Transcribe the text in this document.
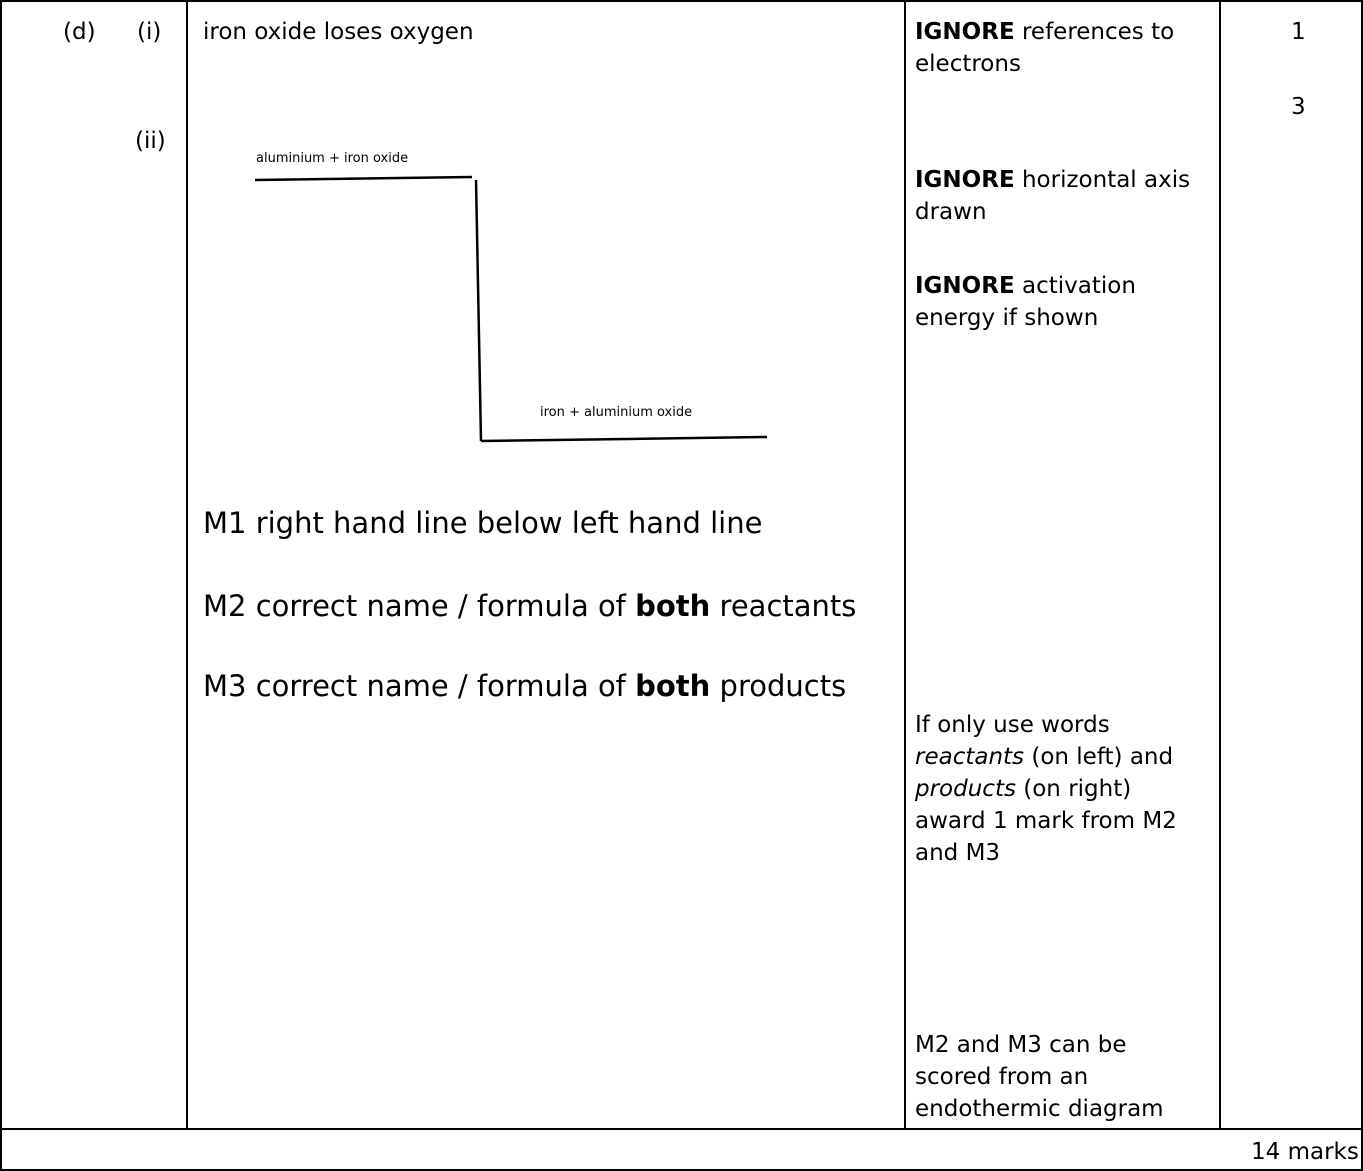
(d) (i)
(ii)
iron oxide loses oxygen
aluminium + iron oxide
iron + aluminium oxide
M1 right hand line below left hand line
M2 correct name / formula of both reactants
M3 correct name / formula of both products
IGNORE references to electrons
IGNORE horizontal axis drawn
IGNORE activation energy if shown
If only use words reactants (on left) and products (on right) award 1 mark from M2 and M3
M2 and M3 can be scored from an endothermic diagram
1
3
14 marks
